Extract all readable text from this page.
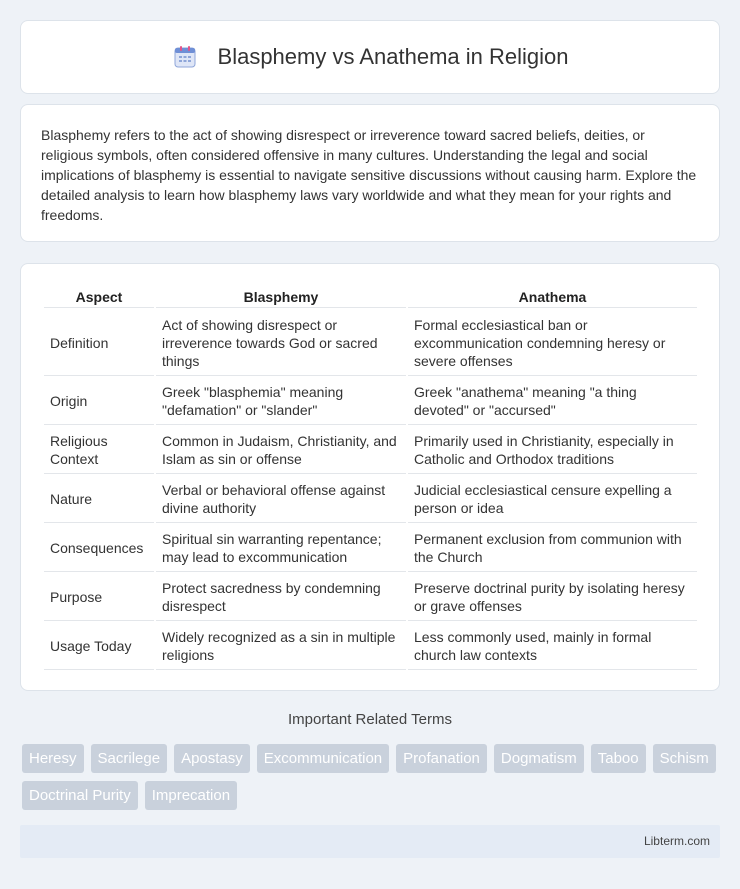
Blasphemy vs Anathema in Religion

Blasphemy refers to the act of showing disrespect or irreverence toward sacred beliefs, deities, or religious symbols, often considered offensive in many cultures. Understanding the legal and social implications of blasphemy is essential to navigate sensitive discussions without causing harm. Explore the detailed analysis to learn how blasphemy laws vary worldwide and what they mean for your rights and freedoms.

Aspect	Blasphemy	Anathema
Definition	Act of showing disrespect or irreverence towards God or sacred things	Formal ecclesiastical ban or excommunication condemning heresy or severe offenses
Origin	Greek "blasphemia" meaning "defamation" or "slander"	Greek "anathema" meaning "a thing devoted" or "accursed"
Religious Context	Common in Judaism, Christianity, and Islam as sin or offense	Primarily used in Christianity, especially in Catholic and Orthodox traditions
Nature	Verbal or behavioral offense against divine authority	Judicial ecclesiastical censure expelling a person or idea
Consequences	Spiritual sin warranting repentance; may lead to excommunication	Permanent exclusion from communion with the Church
Purpose	Protect sacredness by condemning disrespect	Preserve doctrinal purity by isolating heresy or grave offenses
Usage Today	Widely recognized as a sin in multiple religions	Less commonly used, mainly in formal church law contexts
Important Related Terms
Heresy	Sacrilege	Apostasy	Excommunication	Profanation	Dogmatism	Taboo	Schism
Doctrinal Purity	Imprecation
Libterm.com
